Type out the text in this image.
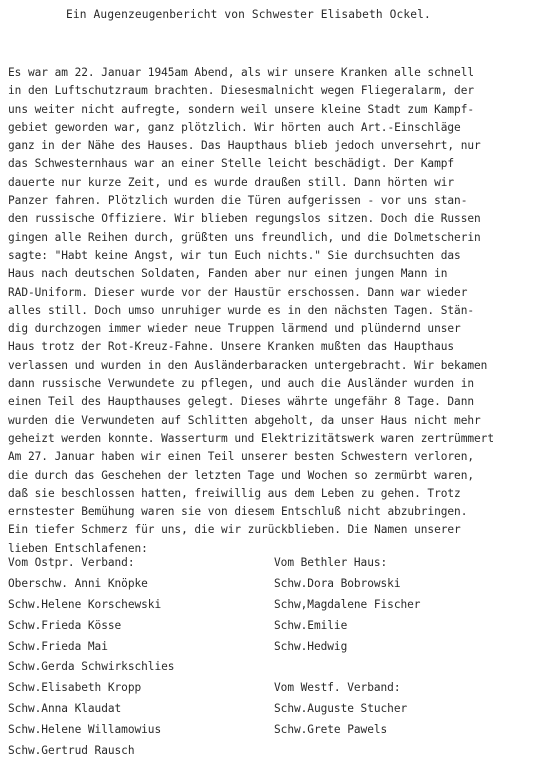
Ein Augenzeugenbericht von Schwester Elisabeth Ockel.
Es war am 22. Januar 1945am Abend, als wir unsere Kranken alle schnell
in den Luftschutzraum brachten. Diesesmalnicht wegen Fliegeralarm, der
uns weiter nicht aufregte, sondern weil unsere kleine Stadt zum Kampf-
gebiet geworden war, ganz plötzlich. Wir hörten auch Art.-Einschläge
ganz in der Nähe des Hauses. Das Haupthaus blieb jedoch unversehrt, nur
das Schwesternhaus war an einer Stelle leicht beschädigt. Der Kampf
dauerte nur kurze Zeit, und es wurde draußen still. Dann hörten wir
Panzer fahren. Plötzlich wurden die Türen aufgerissen - vor uns stan-
den russische Offiziere. Wir blieben regungslos sitzen. Doch die Russen
gingen alle Reihen durch, grüßten uns freundlich, und die Dolmetscherin
sagte: "Habt keine Angst, wir tun Euch nichts." Sie durchsuchten das
Haus nach deutschen Soldaten, Fanden aber nur einen jungen Mann in
RAD-Uniform. Dieser wurde vor der Haustür erschossen. Dann war wieder
alles still. Doch umso unruhiger wurde es in den nächsten Tagen. Stän-
dig durchzogen immer wieder neue Truppen lärmend und plündernd unser
Haus trotz der Rot-Kreuz-Fahne. Unsere Kranken mußten das Haupthaus
verlassen und wurden in den Ausländerbaracken untergebracht. Wir bekamen
dann russische Verwundete zu pflegen, und auch die Ausländer wurden in
einen Teil des Haupthauses gelegt. Dieses währte ungefähr 8 Tage. Dann
wurden die Verwundeten auf Schlitten abgeholt, da unser Haus nicht mehr
geheizt werden konnte. Wasserturm und Elektrizitätswerk waren zertrümmert
Am 27. Januar haben wir einen Teil unserer besten Schwestern verloren,
die durch das Geschehen der letzten Tage und Wochen so zermürbt waren,
daß sie beschlossen hatten, freiwillig aus dem Leben zu gehen. Trotz
ernstester Bemühung waren sie von diesem Entschluß nicht abzubringen.
Ein tiefer Schmerz für uns, die wir zurückblieben. Die Namen unserer
lieben Entschlafenen:
Vom Ostpr. Verband:
Oberschw. Anni Knöpke
Schw.Helene Korschewski
Schw.Frieda Kösse
Schw.Frieda Mai
Schw.Gerda Schwirkschlies
Schw.Elisabeth Kropp
Schw.Anna Klaudat
Schw.Helene Willamowius
Schw.Gertrud Rausch
Vom Bethler Haus:
Schw.Dora Bobrowski
Schw,Magdalene Fischer
Schw.Emilie
Schw.Hedwig
Vom Westf. Verband:
Schw.Auguste Stucher
Schw.Grete Pawels
